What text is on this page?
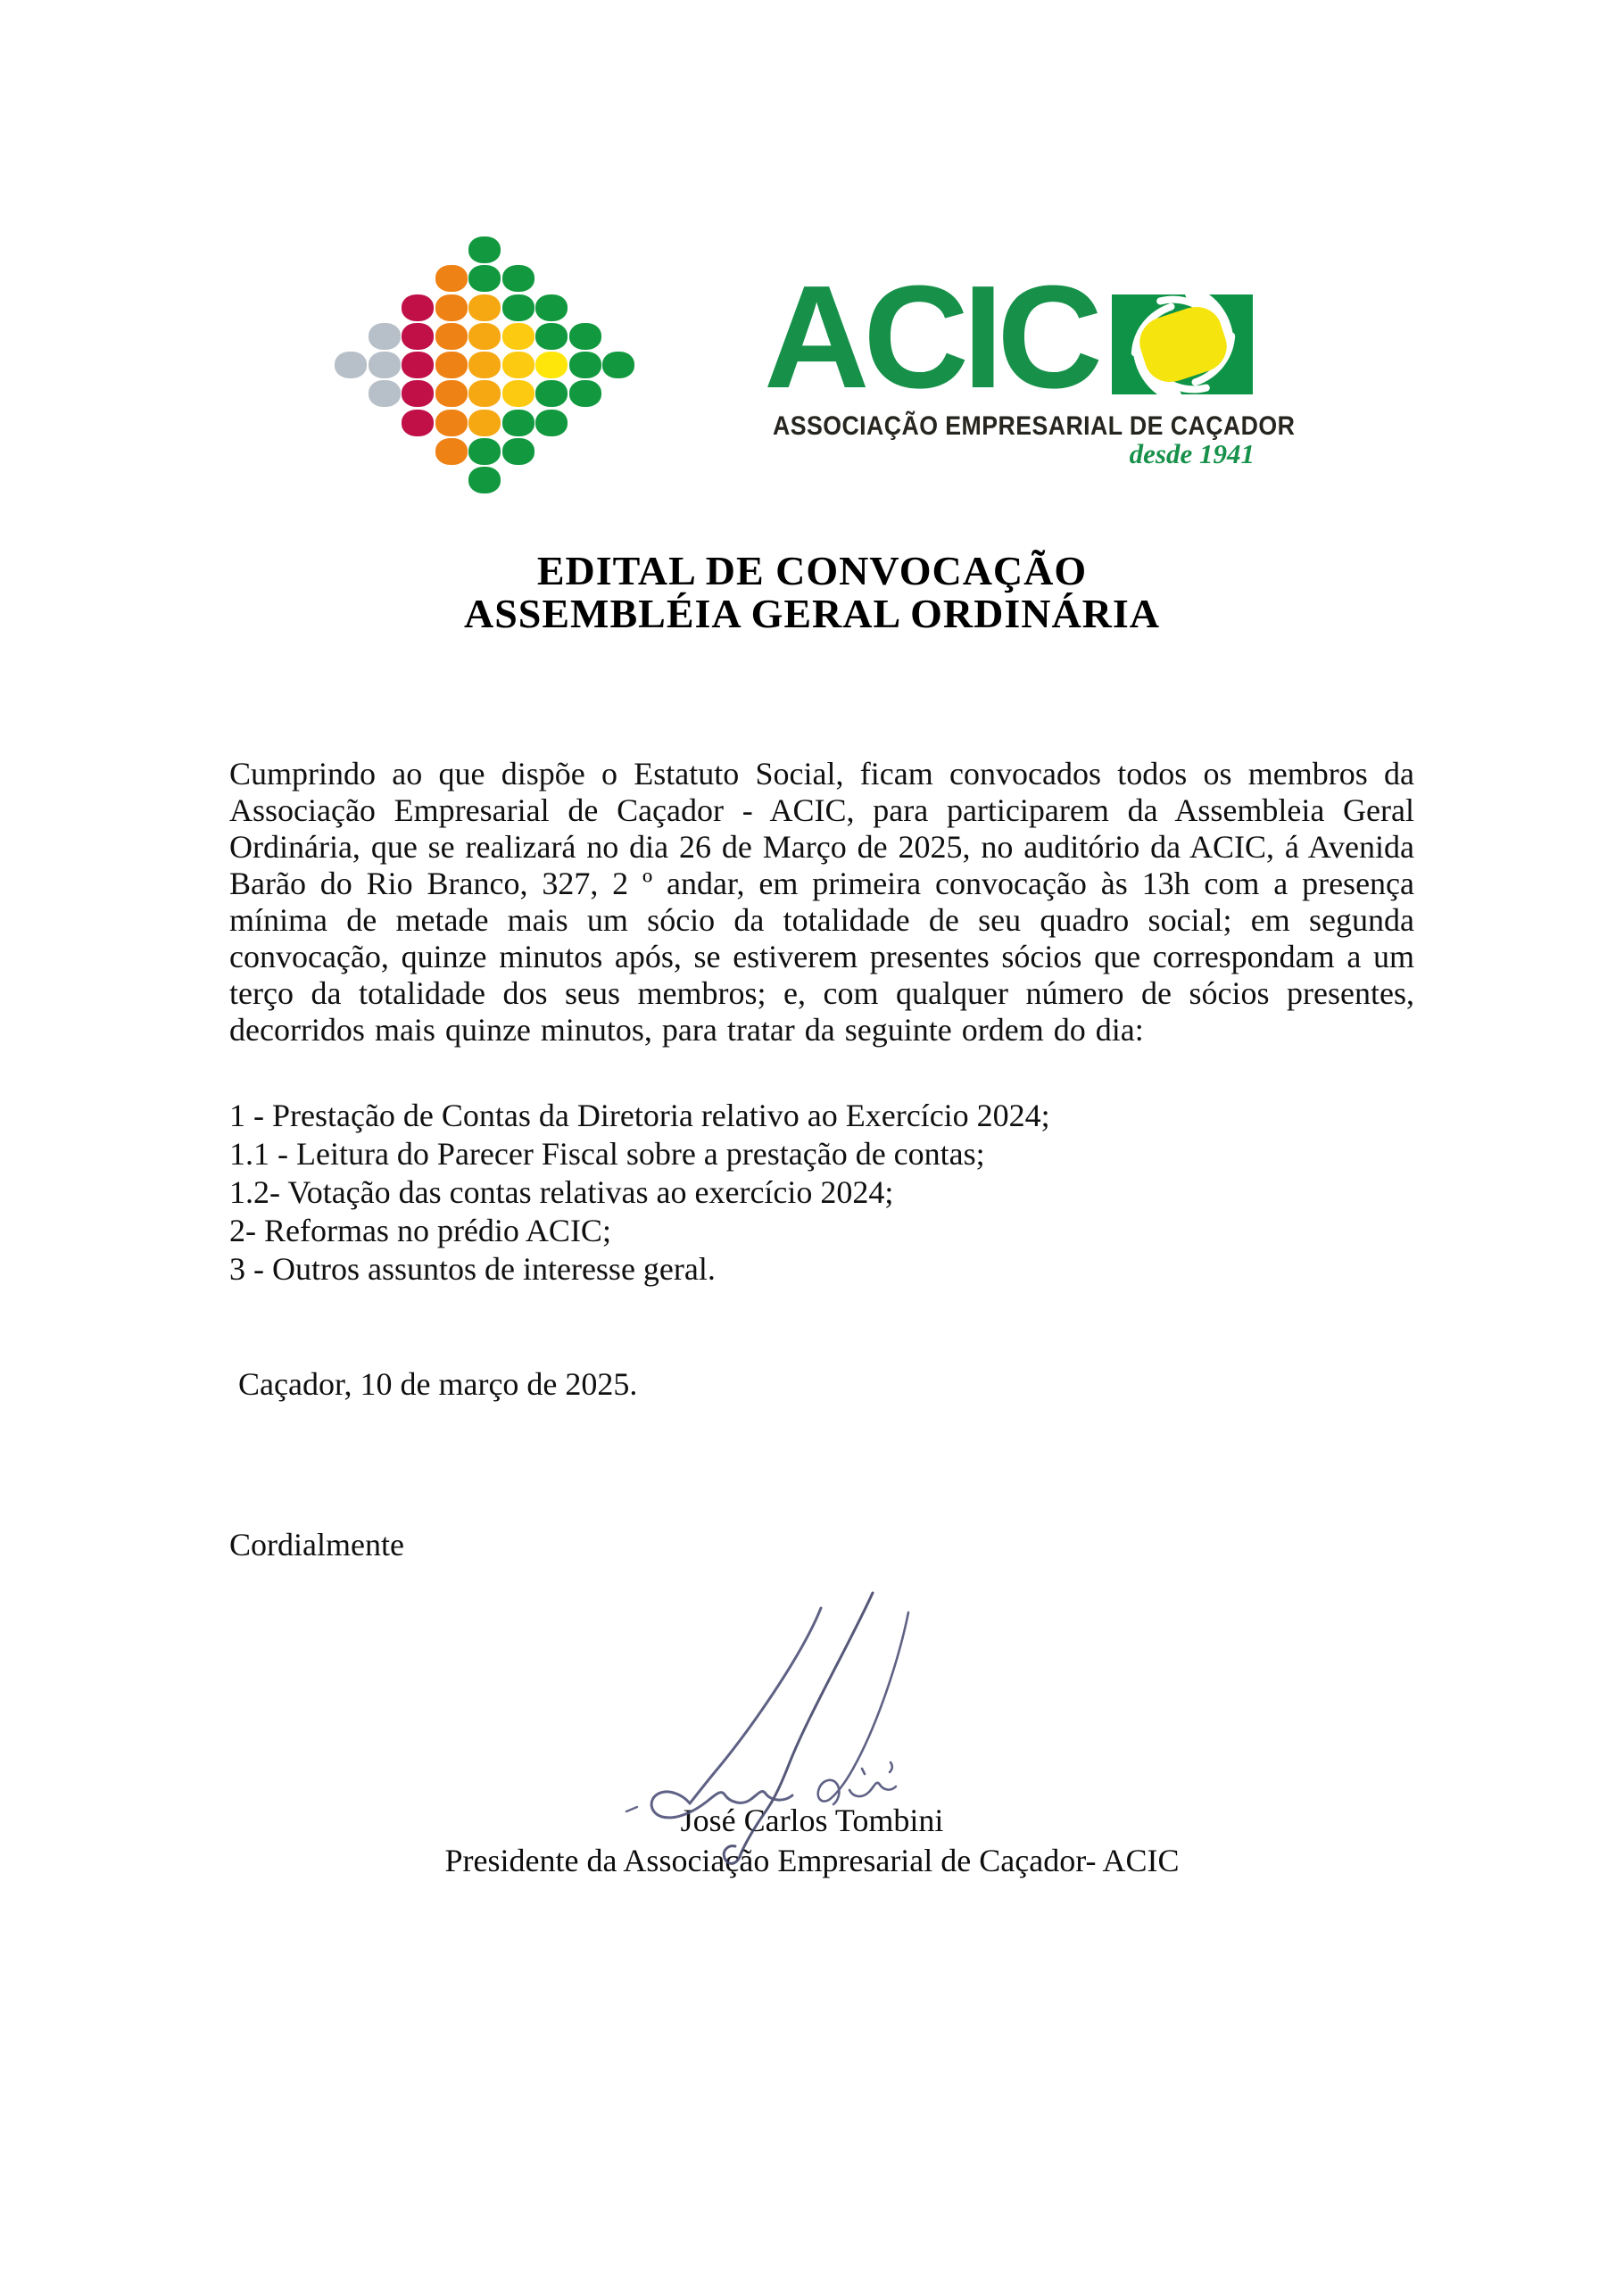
ACIC
ASSOCIAÇÃO EMPRESARIAL DE CAÇADOR
desde 1941
EDITAL DE CONVOCAÇÃO
ASSEMBLÉIA GERAL ORDINÁRIA

Cumprindo ao que dispõe o Estatuto Social, ficam convocados todos os membros da Associação Empresarial de Caçador - ACIC, para participarem da Assembleia Geral Ordinária, que se realizará no dia 26 de Março de 2025, no auditório da ACIC, á Avenida Barão do Rio Branco, 327, 2 º andar, em primeira convocação às 13h com a presença mínima de metade mais um sócio da totalidade de seu quadro social; em segunda convocação, quinze minutos após, se estiverem presentes sócios que correspondam a um terço da totalidade dos seus membros; e, com qualquer número de sócios presentes, decorridos mais quinze minutos, para tratar da seguinte ordem do dia:

1 - Prestação de Contas da Diretoria relativo ao Exercício 2024;
1.1 - Leitura do Parecer Fiscal sobre a prestação de contas;
1.2- Votação das contas relativas ao exercício 2024;
2- Reformas no prédio ACIC;
3 - Outros assuntos de interesse geral.
Caçador, 10 de março de 2025.
Cordialmente
José Carlos Tombini
Presidente da Associação Empresarial de Caçador- ACIC
